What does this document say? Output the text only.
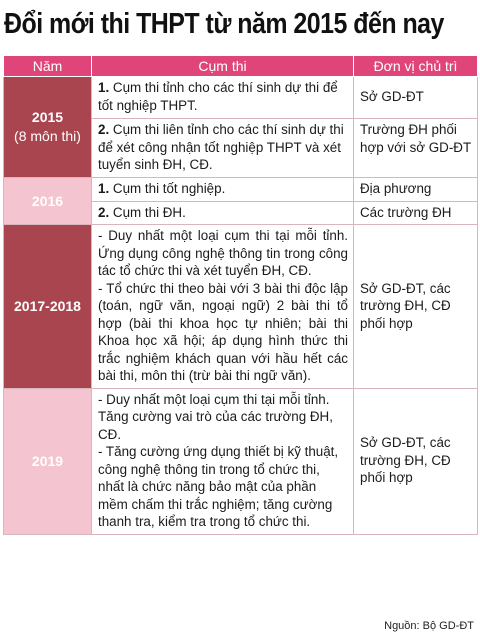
Đổi mới thi THPT từ năm 2015 đến nay
Năm	Cụm thi	Đơn vị chủ trì

2015
(8 môn thi)	1. Cụm thi tỉnh cho các thí sinh dự thi để tốt nghiệp THPT.	Sở GD-ĐT
	2. Cụm thi liên tỉnh cho các thí sinh dự thi để xét công nhận tốt nghiệp THPT và xét tuyển sinh ĐH, CĐ.	Trường ĐH phối hợp với sở GD-ĐT

2016	1. Cụm thi tốt nghiệp.	Địa phương
	2. Cụm thi ĐH.	Các trường ĐH

2017-2018	- Duy nhất một loại cụm thi tại mỗi tỉnh. Ứng dụng công nghệ thông tin trong công tác tổ chức thi và xét tuyển ĐH, CĐ.
- Tổ chức thi theo bài với 3 bài thi độc lập (toán, ngữ văn, ngoại ngữ) 2 bài thi tổ hợp (bài thi khoa học tự nhiên; bài thi Khoa học xã hội; áp dụng hình thức thi trắc nghiệm khách quan với hầu hết các bài thi, môn thi (trừ bài thi ngữ văn).	Sở GD-ĐT, các trường ĐH, CĐ phối hợp

2019	- Duy nhất một loại cụm thi tại mỗi tỉnh. Tăng cường vai trò của các trường ĐH, CĐ.
- Tăng cường ứng dụng thiết bị kỹ thuật, công nghệ thông tin trong tổ chức thi, nhất là chức năng bảo mật của phần mềm chấm thi trắc nghiệm; tăng cường thanh tra, kiểm tra trong tổ chức thi.	Sở GD-ĐT, các trường ĐH, CĐ phối hợp
Nguồn: Bộ GD-ĐT
